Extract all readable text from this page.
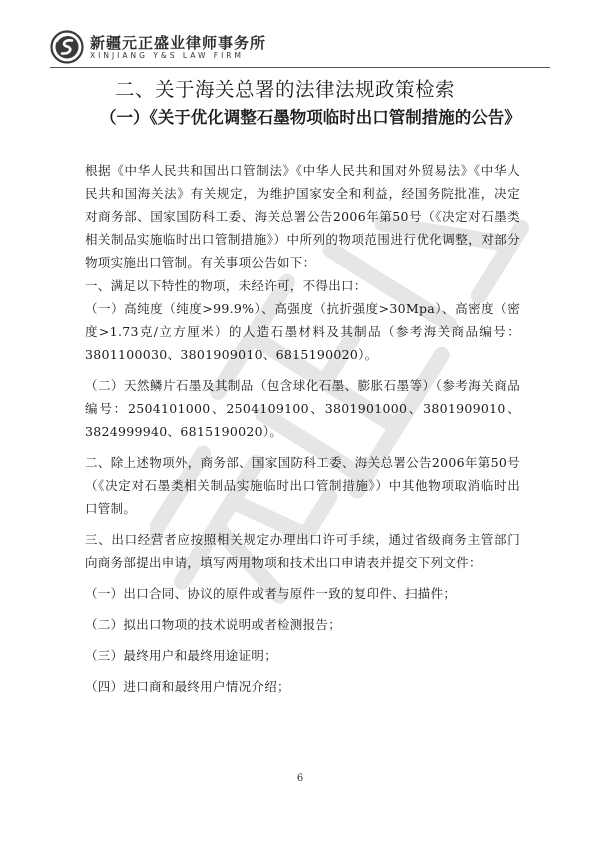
新疆元正盛业律师事务所
XINJIANG Y&S LAW FIRM
二、关于海关总署的法律法规政策检索
（一）《关于优化调整石墨物项临时出口管制措施的公告》

根据《中华人民共和国出口管制法》《中华人民共和国对外贸易法》《中华人民共和国海关法》有关规定，为维护国家安全和利益，经国务院批准，决定对商务部、国家国防科工委、海关总署公告2006年第50号（《决定对石墨类相关制品实施临时出口管制措施》）中所列的物项范围进行优化调整，对部分物项实施出口管制。有关事项公告如下：

一、满足以下特性的物项，未经许可，不得出口：

（一）高纯度（纯度>99.9%）、高强度（抗折强度>30Mpa）、高密度（密度>1.73克/立方厘米）的人造石墨材料及其制品（参考海关商品编号：3801100030、3801909010、6815190020）。

（二）天然鳞片石墨及其制品（包含球化石墨、膨胀石墨等）（参考海关商品编号：2504101000、2504109100、3801901000、3801909010、3824999940、6815190020）。

二、除上述物项外，商务部、国家国防科工委、海关总署公告2006年第50号（《决定对石墨类相关制品实施临时出口管制措施》）中其他物项取消临时出口管制。

三、出口经营者应按照相关规定办理出口许可手续，通过省级商务主管部门向商务部提出申请，填写两用物项和技术出口申请表并提交下列文件：

（一）出口合同、协议的原件或者与原件一致的复印件、扫描件；

（二）拟出口物项的技术说明或者检测报告；

（三）最终用户和最终用途证明；

（四）进口商和最终用户情况介绍；

6
